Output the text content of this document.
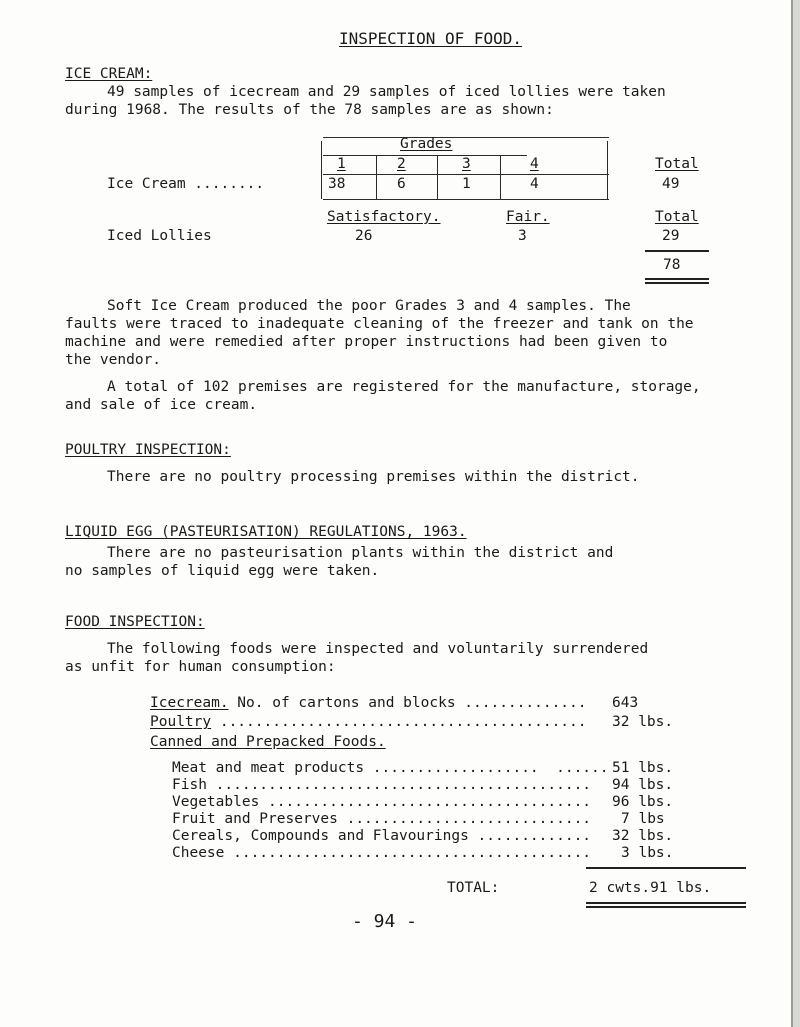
INSPECTION OF FOOD.
ICE CREAM:
49 samples of icecream and 29 samples of iced lollies were taken
during 1968. The results of the 78 samples are as shown:
Grades
1	2	3	4	Total
Ice Cream ........	38	6	1	4	49
Satisfactory.	Fair.	Total
Iced Lollies	26	3	29
78
Soft Ice Cream produced the poor Grades 3 and 4 samples. The
faults were traced to inadequate cleaning of the freezer and tank on the
machine and were remedied after proper instructions had been given to
the vendor.
A total of 102 premises are registered for the manufacture, storage,
and sale of ice cream.
POULTRY INSPECTION:
There are no poultry processing premises within the district.
LIQUID EGG (PASTEURISATION) REGULATIONS, 1963.
There are no pasteurisation plants within the district and
no samples of liquid egg were taken.
FOOD INSPECTION:
The following foods were inspected and voluntarily surrendered
as unfit for human consumption:
Icecream. No. of cartons and blocks .............. 643
Poultry .......................................... 32 lbs.
Canned and Prepacked Foods.
Meat and meat products ...................  ...... 51 lbs.
Fish ........................................... 94 lbs.
Vegetables ..................................... 96 lbs.
Fruit and Preserves ............................ 7 lbs
Cereals, Compounds and Flavourings ............. 32 lbs.
Cheese ......................................... 3 lbs.
TOTAL:	2 cwts.91 lbs.
- 94 -
